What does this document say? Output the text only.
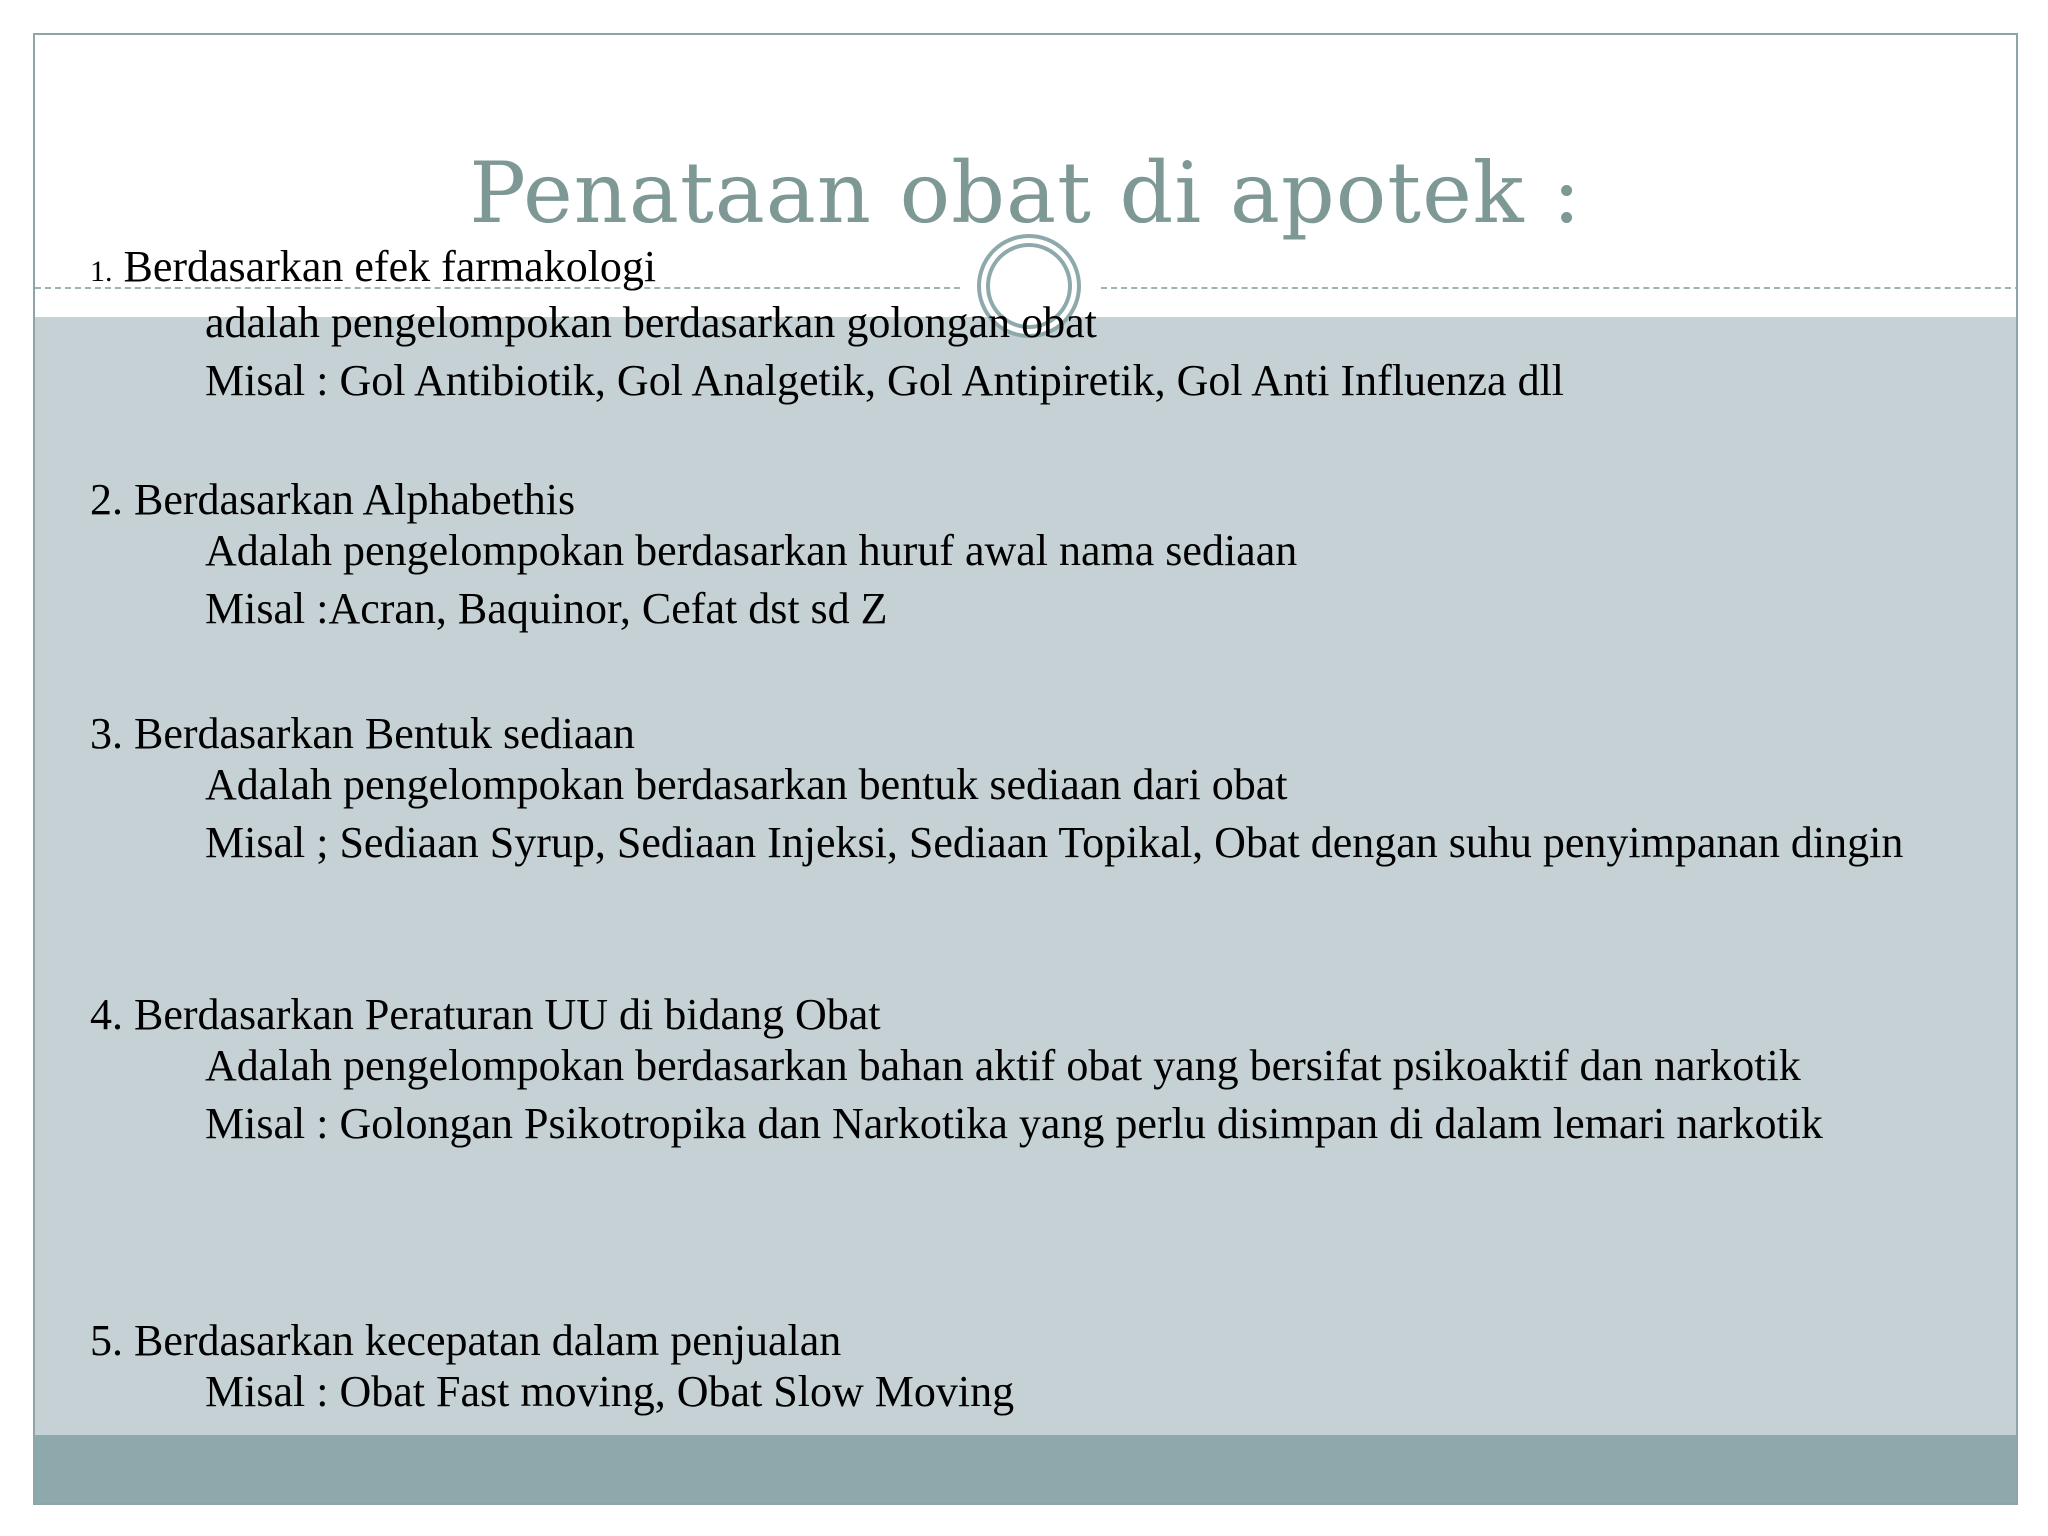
Penataan obat di apotek :
1. Berdasarkan efek farmakologi
adalah pengelompokan berdasarkan golongan obat
Misal : Gol Antibiotik, Gol Analgetik, Gol Antipiretik, Gol Anti Influenza dll
2. Berdasarkan Alphabethis
Adalah pengelompokan berdasarkan huruf awal nama sediaan
Misal :Acran, Baquinor, Cefat dst sd Z
3. Berdasarkan Bentuk sediaan
Adalah pengelompokan berdasarkan bentuk sediaan dari obat
Misal ; Sediaan Syrup, Sediaan Injeksi, Sediaan Topikal, Obat dengan suhu penyimpanan dingin
4. Berdasarkan Peraturan UU di bidang Obat
Adalah pengelompokan berdasarkan bahan aktif obat yang bersifat psikoaktif dan narkotik
Misal : Golongan Psikotropika dan Narkotika yang perlu disimpan di dalam lemari narkotik
5. Berdasarkan kecepatan dalam penjualan
Misal : Obat Fast moving, Obat Slow Moving
